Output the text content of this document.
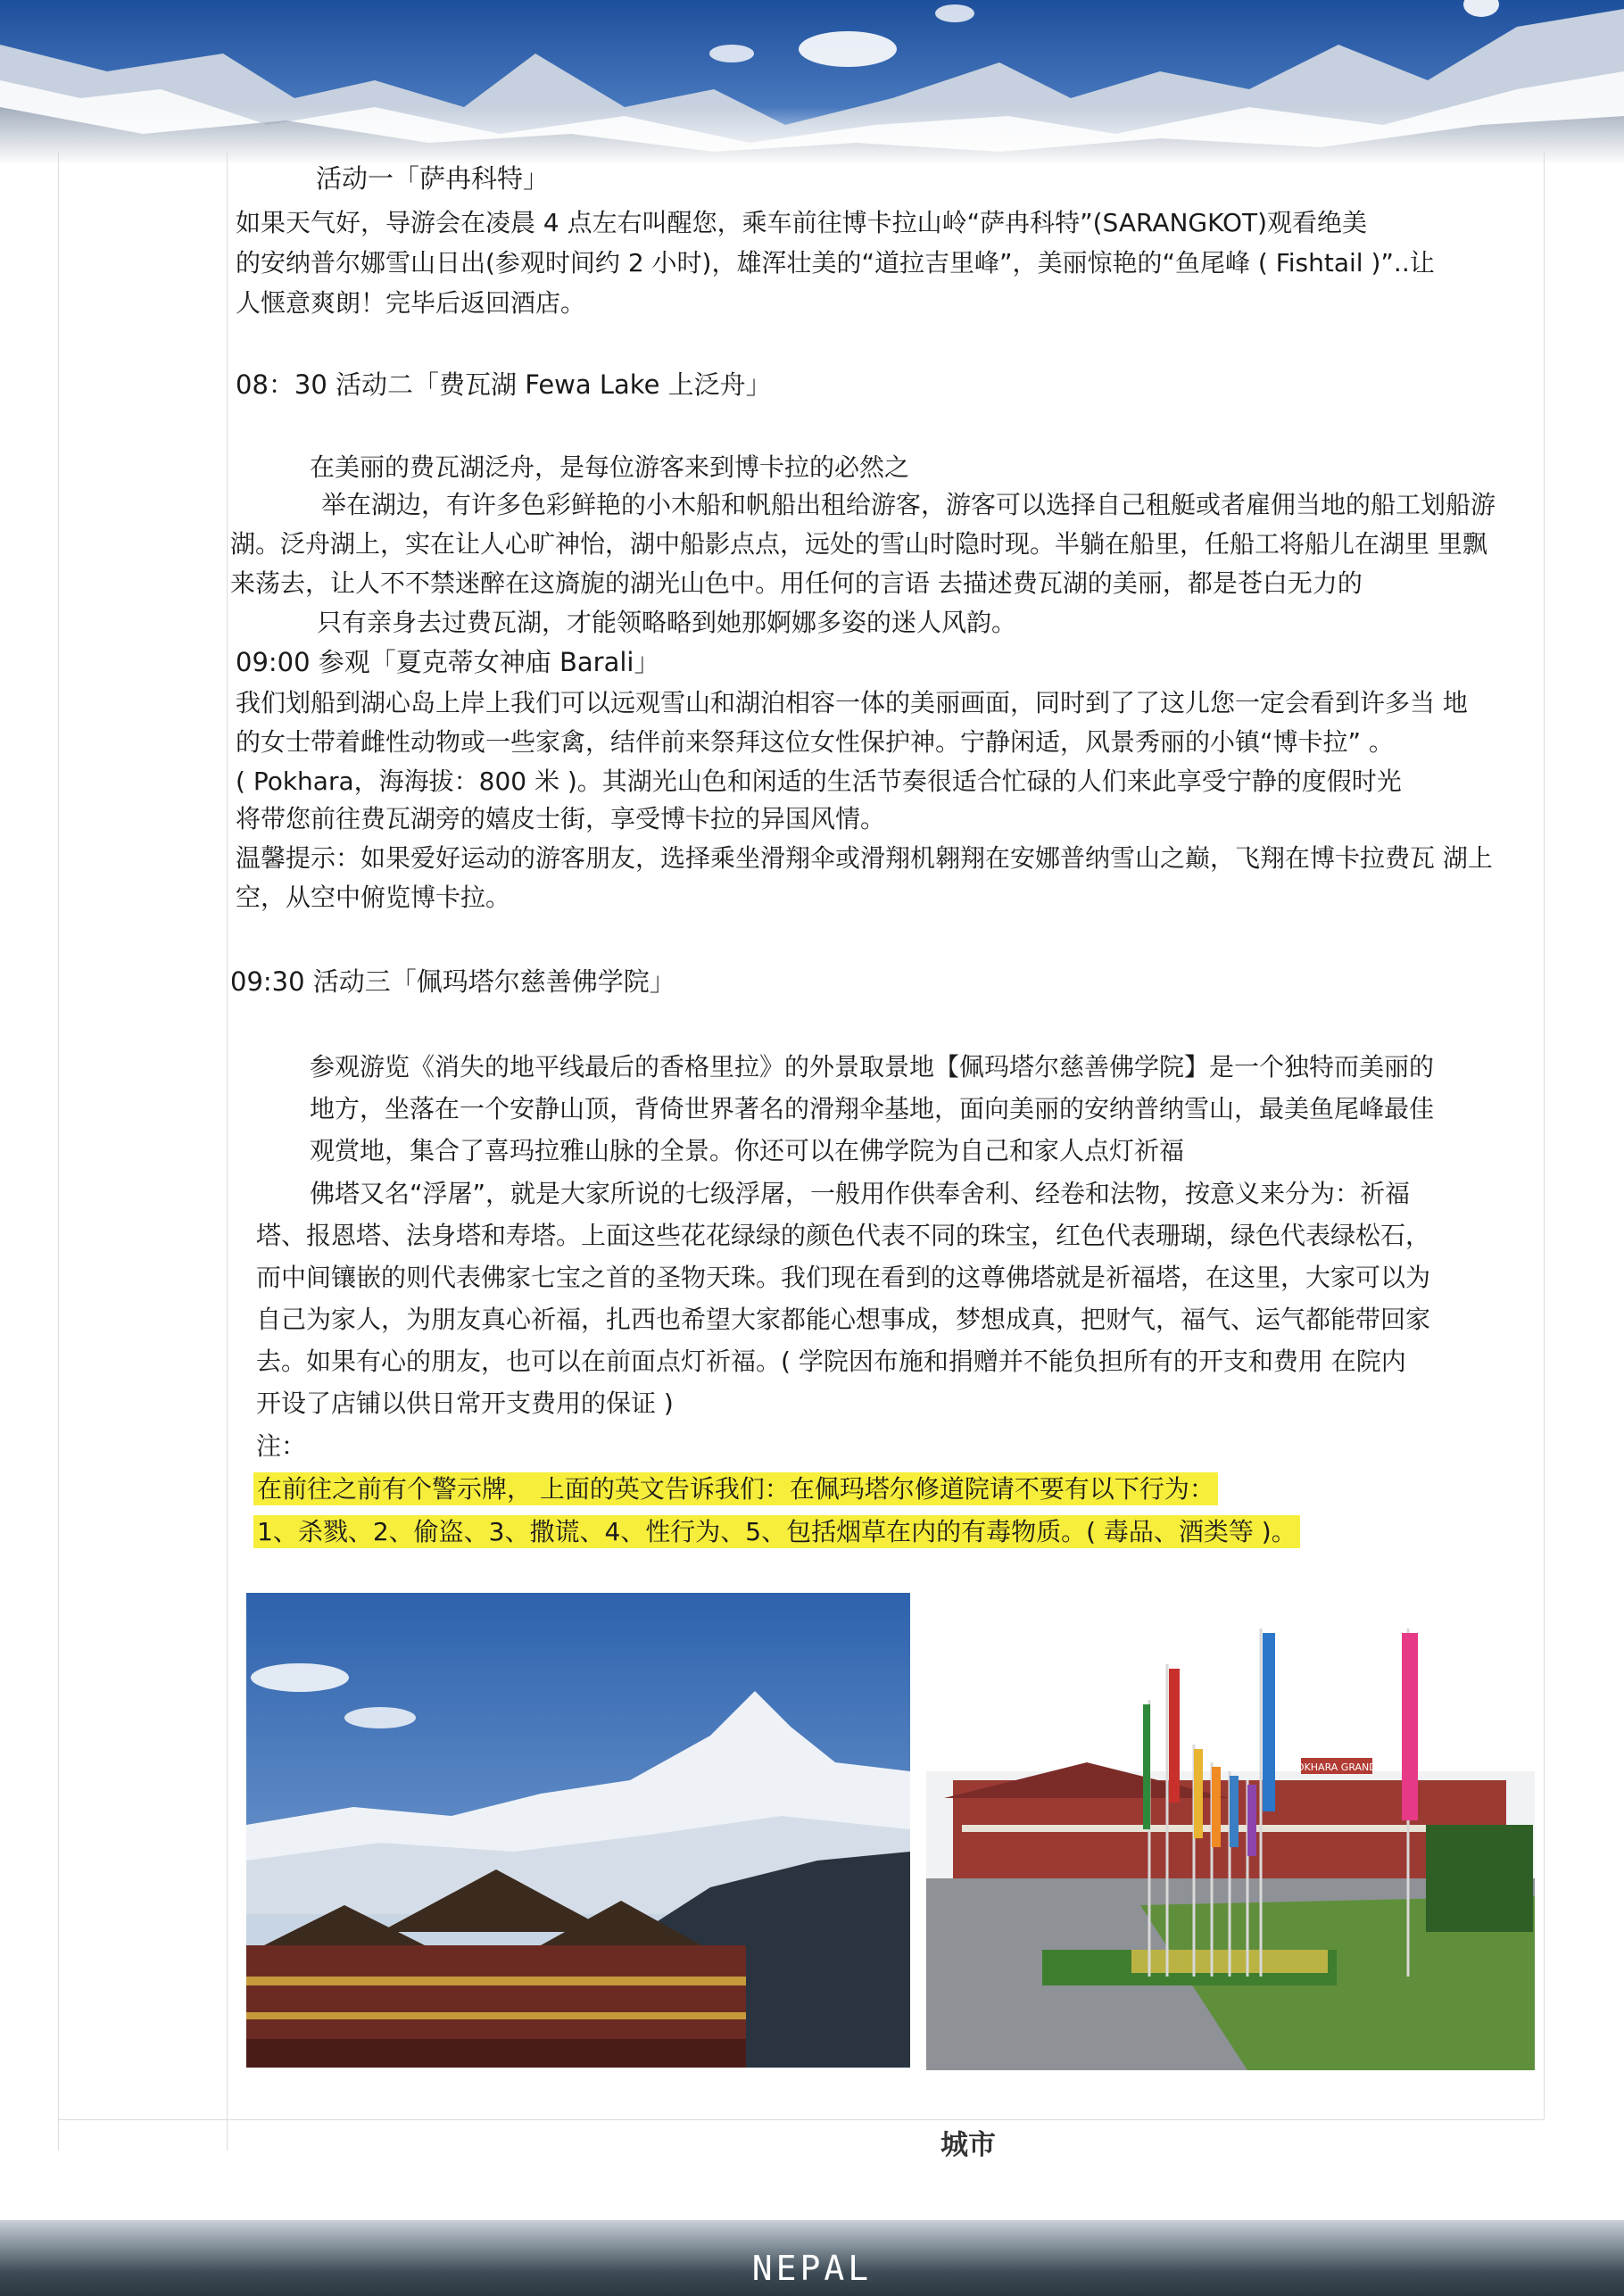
活动一「萨冉科特」

如果天气好，导游会在凌晨 4 点左右叫醒您，乘车前往博卡拉山岭“萨冉科特”(SARANGKOT)观看绝美

的安纳普尔娜雪山日出(参观时间约 2 小时)，雄浑壮美的“道拉吉里峰”，美丽惊艳的“鱼尾峰 ( Fishtail )”..让

人惬意爽朗！完毕后返回酒店。

08：30 活动二「费瓦湖 Fewa Lake 上泛舟」

在美丽的费瓦湖泛舟，是每位游客来到博卡拉的必然之

举在湖边，有许多色彩鲜艳的小木船和帆船出租给游客，游客可以选择自己租艇或者雇佣当地的船工划船游

湖。泛舟湖上，实在让人心旷神怡，湖中船影点点，远处的雪山时隐时现。半躺在船里，任船工将船儿在湖里 里飘

来荡去，让人不不禁迷醉在这旖旎的湖光山色中。用任何的言语 去描述费瓦湖的美丽，都是苍白无力的

只有亲身去过费瓦湖，才能领略略到她那婀娜多姿的迷人风韵。

09:00 参观「夏克蒂女神庙 Barali」

我们划船到湖心岛上岸上我们可以远观雪山和湖泊相容一体的美丽画面，同时到了了这儿您一定会看到许多当 地

的女士带着雌性动物或一些家禽，结伴前来祭拜这位女性保护神。宁静闲适，风景秀丽的小镇“博卡拉” 。

( Pokhara，海海拔：800 米 )。其湖光山色和闲适的生活节奏很适合忙碌的人们来此享受宁静的度假时光

将带您前往费瓦湖旁的嬉皮士街，享受博卡拉的异国风情。

温馨提示：如果爱好运动的游客朋友，选择乘坐滑翔伞或滑翔机翱翔在安娜普纳雪山之巅，飞翔在博卡拉费瓦 湖上

空，从空中俯览博卡拉。

09:30 活动三「佩玛塔尔慈善佛学院」

参观游览《消失的地平线最后的香格里拉》的外景取景地【佩玛塔尔慈善佛学院】是一个独特而美丽的

地方，坐落在一个安静山顶，背倚世界著名的滑翔伞基地，面向美丽的安纳普纳雪山，最美鱼尾峰最佳

观赏地，集合了喜玛拉雅山脉的全景。你还可以在佛学院为自己和家人点灯祈福

佛塔又名“浮屠”，就是大家所说的七级浮屠，一般用作供奉舍利、经卷和法物，按意义来分为：祈福

塔、报恩塔、法身塔和寿塔。上面这些花花绿绿的颜色代表不同的珠宝，红色代表珊瑚，绿色代表绿松石，

而中间镶嵌的则代表佛家七宝之首的圣物天珠。我们现在看到的这尊佛塔就是祈福塔，在这里，大家可以为

自己为家人，为朋友真心祈福，扎西也希望大家都能心想事成，梦想成真，把财气，福气、运气都能带回家

去。如果有心的朋友，也可以在前面点灯祈福。( 学院因布施和捐赠并不能负担所有的开支和费用 在院内

开设了店铺以供日常开支费用的保证 )

注：

在前往之前有个警示牌， 上面的英文告诉我们：在佩玛塔尔修道院请不要有以下行为：

1、杀戮、2、偷盗、3、撒谎、4、性行为、5、包括烟草在内的有毒物质。( 毒品、酒类等 )。

POKHARA GRANDE
城市
NEPAL
